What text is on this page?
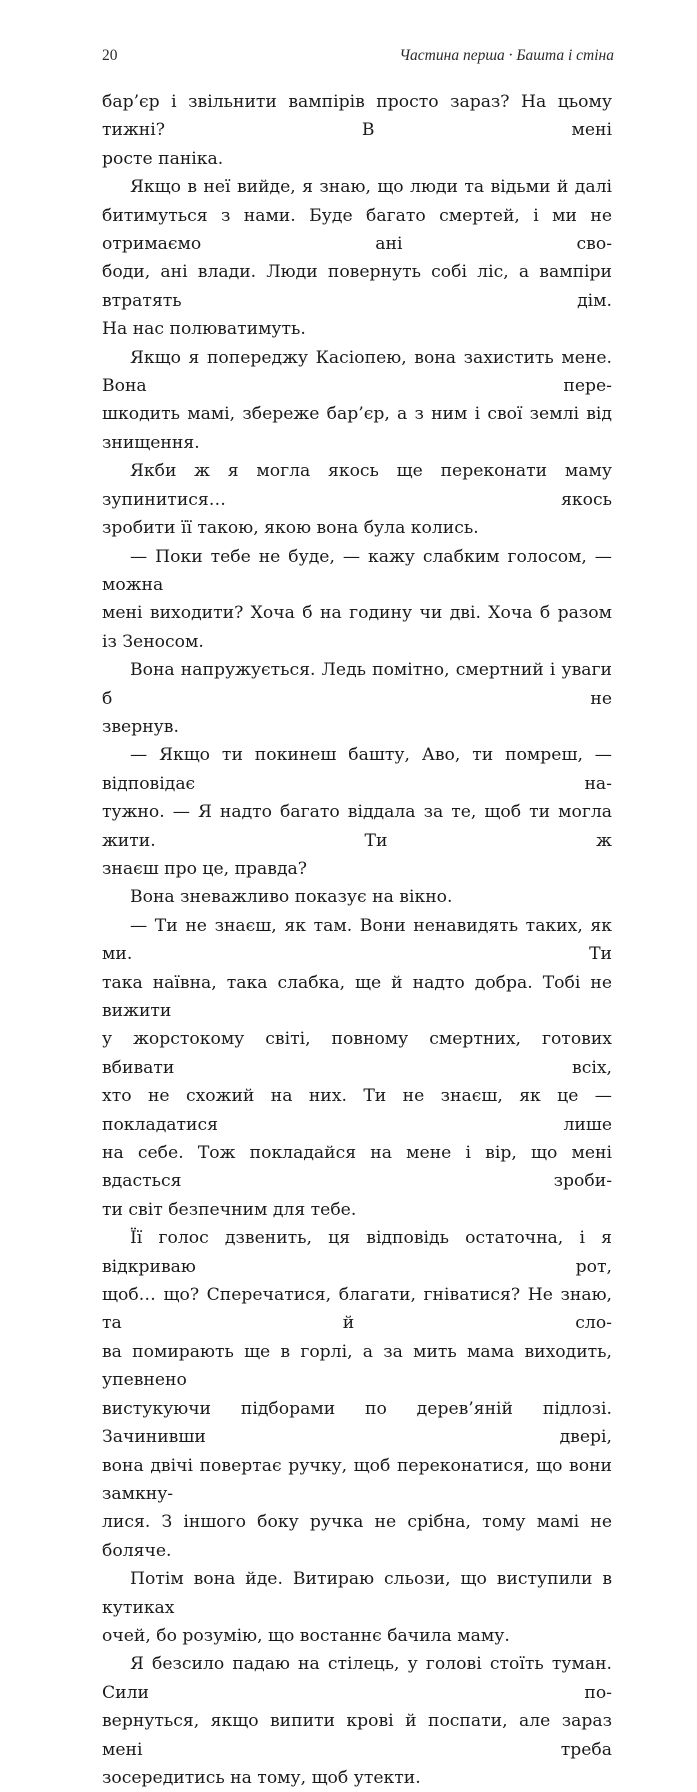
20	Частина перша · Башта і стіна

бар’єр і звільнити вампірів просто зараз? На цьому тижні? В мені

росте паніка.

Якщо в неї вийде, я знаю, що люди та відьми й далі битимуться з нами. Буде багато смертей, і ми не отримаємо ані сво-

боди, ані влади. Люди повернуть собі ліс, а вампіри втратять дім.

На нас полюватимуть.

Якщо я попереджу Касіопею, вона захистить мене. Вона пере-

шкодить мамі, збереже бар’єр, а з ним і свої землі від знищення.

Якби ж я могла якось ще переконати маму зупинитися… якось

зробити її такою, якою вона була колись.

— Поки тебе не буде, — кажу слабким голосом, — можна

мені виходити? Хоча б на годину чи дві. Хоча б разом із Зеносом.

Вона напружується. Ледь помітно, смертний і уваги б не

звернув.

— Якщо ти покинеш башту, Аво, ти помреш, — відповідає на-

тужно. — Я надто багато віддала за те, щоб ти могла жити. Ти ж

знаєш про це, правда?

Вона зневажливо показує на вікно.

— Ти не знаєш, як там. Вони ненавидять таких, як ми. Ти

така наївна, така слабка, ще й надто добра. Тобі не вижити

у жорстокому світі, повному смертних, готових вбивати всіх,

хто не схожий на них. Ти не знаєш, як це — покладатися лише

на себе. Тож покладайся на мене і вір, що мені вдасться зроби-

ти світ безпечним для тебе.

Її голос дзвенить, ця відповідь остаточна, і я відкриваю рот,

щоб… що? Сперечатися, благати, гніватися? Не знаю, та й сло-

ва помирають ще в горлі, а за мить мама виходить, упевнено

вистукуючи підборами по дерев’яній підлозі. Зачинивши двері,

вона двічі повертає ручку, щоб переконатися, що вони замкну-

лися. З іншого боку ручка не срібна, тому мамі не боляче.

Потім вона йде. Витираю сльози, що виступили в кутиках

очей, бо розумію, що востаннє бачила маму.

Я безсило падаю на стілець, у голові стоїть туман. Сили по-

вернуться, якщо випити крові й поспати, але зараз мені треба

зосередитись на тому, щоб утекти.
